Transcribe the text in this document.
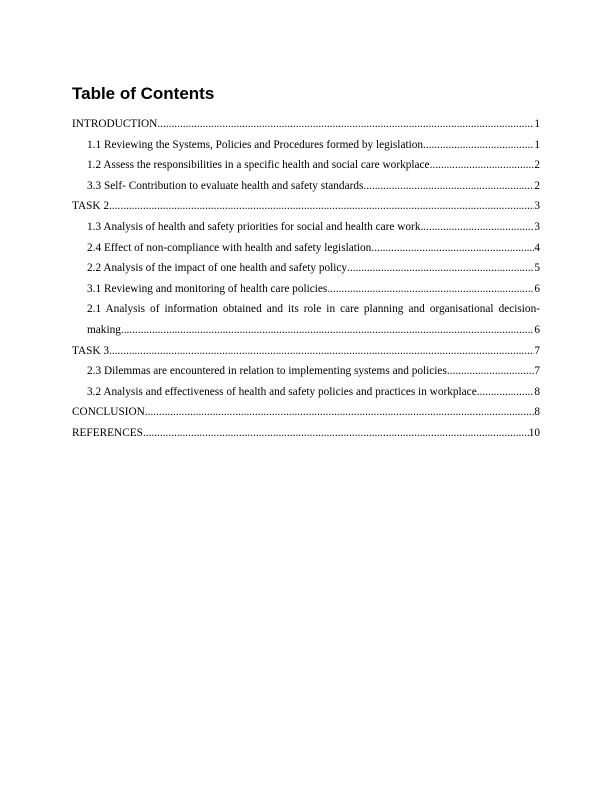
Table of Contents
INTRODUCTION .....	1
1.1 Reviewing the Systems, Policies and Procedures formed by legislation .....	1
1.2 Assess the responsibilities in a specific health and social care workplace .....	2
3.3 Self- Contribution to evaluate health and safety standards .....	2
TASK 2 .....	3
1.3 Analysis of health and safety priorities for social and health care work .....	3
2.4 Effect of non-compliance with health and safety legislation .....	4
2.2 Analysis of the impact of one health and safety policy .....	5
3.1 Reviewing and monitoring of health care policies .....	6
2.1 Analysis of information obtained and its role in care planning and organisational decision-
making .....	6
TASK 3 .....	7
2.3 Dilemmas are encountered in relation to implementing systems and policies .....	7
3.2 Analysis and effectiveness of health and safety policies and practices in workplace .....	8
CONCLUSION .....	8
REFERENCES .....	10
